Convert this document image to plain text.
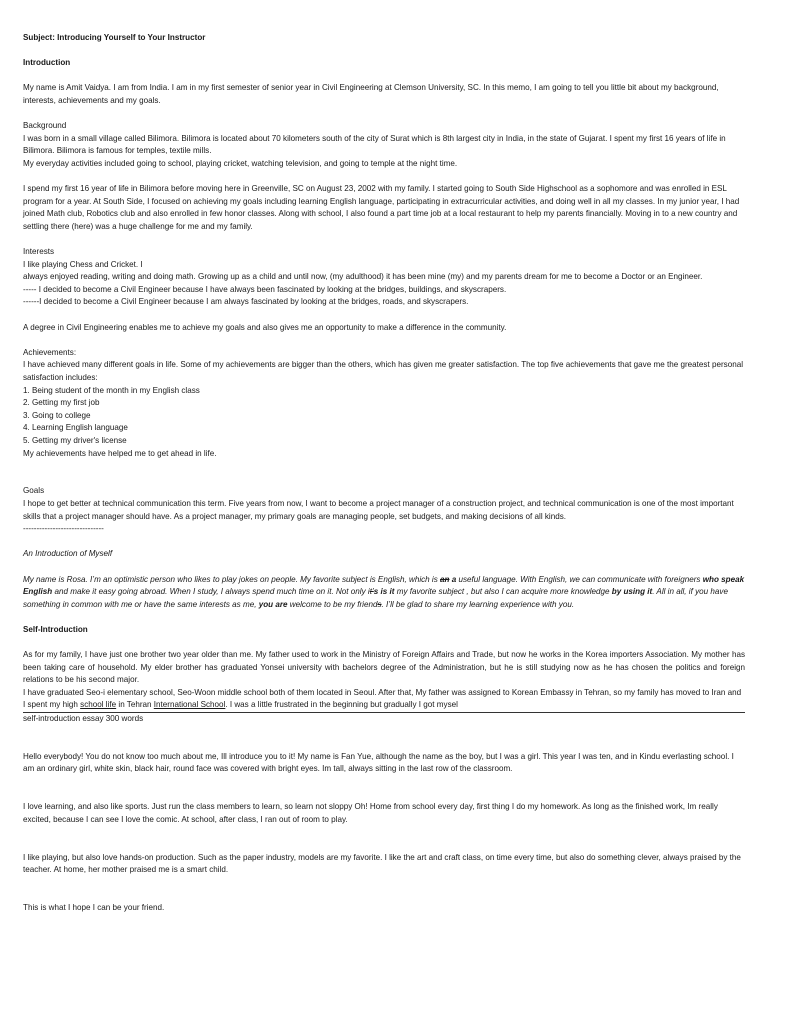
Subject: Introducing Yourself to Your Instructor

Introduction

My name is Amit Vaidya. I am from India. I am in my first semester of senior year in Civil Engineering at Clemson University, SC. In this memo, I am going to tell you little bit about my background, interests, achievements and my goals.

Background

I was born in a small village called Bilimora. Bilimora is located about 70 kilometers south of the city of Surat which is 8th largest city in India, in the state of Gujarat. I spent my first 16 years of life in Bilimora. Bilimora is famous for temples, textile mills.

My everyday activities included going to school, playing cricket, watching television, and going to temple at the night time.

I spend my first 16 year of life in Bilimora before moving here in Greenville, SC on August 23, 2002 with my family. I started going to South Side Highschool as a sophomore and was enrolled in ESL program for a year. At South Side, I focused on achieving my goals including learning English language, participating in extracurricular activities, and doing well in all my classes. In my junior year, I had joined Math club, Robotics club and also enrolled in few honor classes. Along with school, I also found a part time job at a local restaurant to help my parents financially. Moving in to a new country and settling there (here) was a huge challenge for me and my family.

Interests

I like playing Chess and Cricket. I

always enjoyed reading, writing and doing math. Growing up as a child and until now, (my adulthood) it has been mine (my) and my parents dream for me to become a Doctor or an Engineer.

----- I decided to become a Civil Engineer because I have always been fascinated by looking at the bridges, buildings, and skyscrapers.

------I decided to become a Civil Engineer because I am always fascinated by looking at the bridges, roads, and skyscrapers.

A degree in Civil Engineering enables me to achieve my goals and also gives me an opportunity to make a difference in the community.

Achievements:

I have achieved many different goals in life. Some of my achievements are bigger than the others, which has given me greater satisfaction. The top five achievements that gave me the greatest personal satisfaction includes:

1. Being student of the month in my English class

2. Getting my first job

3. Going to college

4. Learning English language

5. Getting my driver's license

My achievements have helped me to get ahead in life.

Goals

I hope to get better at technical communication this term. Five years from now, I want to become a project manager of a construction project, and technical communication is one of the most important skills that a project manager should have. As a project manager, my primary goals are managing people, set budgets, and making decisions of all kinds.

------------------------------

An Introduction of Myself

My name is Rosa. I’m an optimistic person who likes to play jokes on people. My favorite subject is English, which is an a useful language. With English, we can communicate with foreigners who speak English and make it easy going abroad. When I study, I always spend much time on it. Not only it’s is it my favorite subject , but also I can acquire more knowledge by using it. All in all, if you have something in common with me or have the same interests as me, you are welcome to be my friends. I’ll be glad to share my learning experience with you.

Self-Introduction

As for my family, I have just one brother two year older than me. My father used to work in the Ministry of Foreign Affairs and Trade, but now he works in the Korea importers Association. My mother has been taking care of household. My elder brother has graduated Yonsei university with bachelors degree of the Administration, but he is still studying now as he has chosen the politics and foreign relations to be his second major.

I have graduated Seo-i elementary school, Seo-Woon middle school both of them located in Seoul. After that, My father was assigned to Korean Embassy in Tehran, so my family has moved to Iran and I spent my high school life in Tehran International School. I was a little frustrated in the beginning but gradually I got mysel

self-introduction essay 300 words

Hello everybody! You do not know too much about me, Ill introduce you to it! My name is Fan Yue, although the name as the boy, but I was a girl. This year I was ten, and in Kindu everlasting school. I am an ordinary girl, white skin, black hair, round face was covered with bright eyes. Im tall, always sitting in the last row of the classroom.

I love learning, and also like sports. Just run the class members to learn, so learn not sloppy Oh! Home from school every day, first thing I do my homework. As long as the finished work, Im really excited, because I can see I love the comic. At school, after class, I ran out of room to play.

I like playing, but also love hands-on production. Such as the paper industry, models are my favorite. I like the art and craft class, on time every time, but also do something clever, always praised by the teacher. At home, her mother praised me is a smart child.

This is what I hope I can be your friend.
